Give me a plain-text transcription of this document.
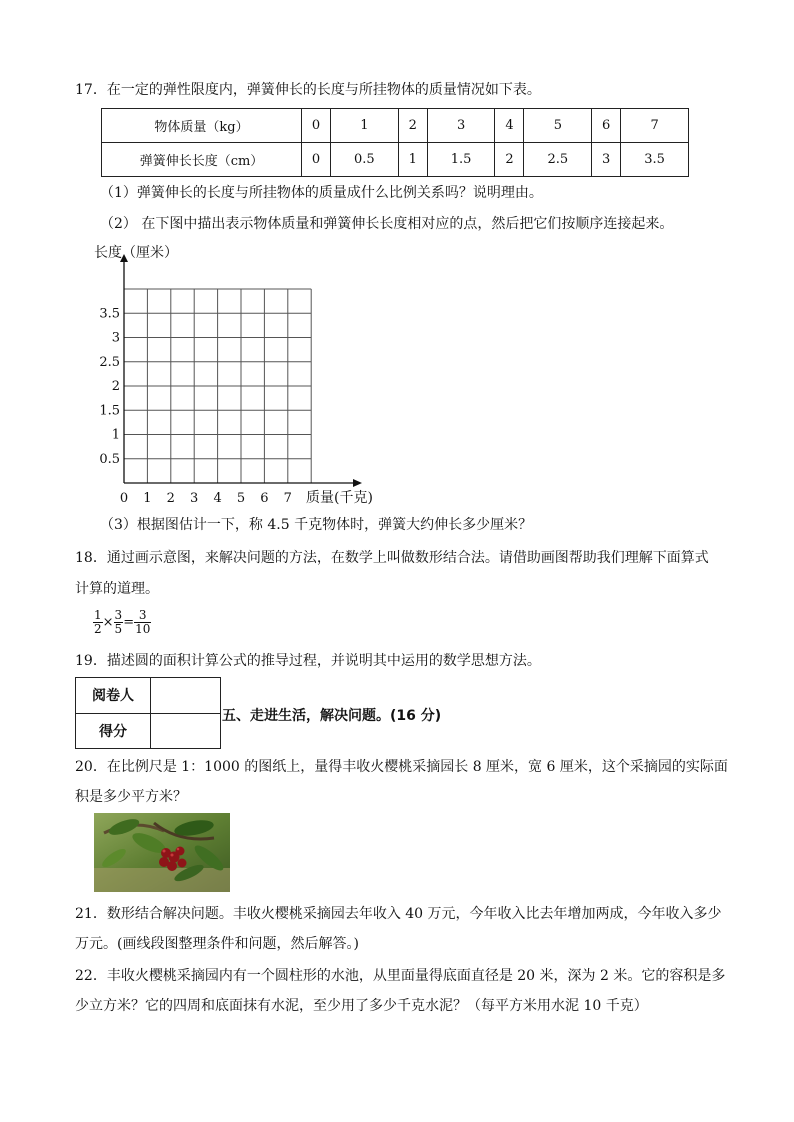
17．在一定的弹性限度内，弹簧伸长的长度与所挂物体的质量情况如下表。
物体质量（kg）	0	1	2	3	4	5	6	7
弹簧伸长长度（cm）	0	0.5	1	1.5	2	2.5	3	3.5
（1）弹簧伸长的长度与所挂物体的质量成什么比例关系吗？说明理由。
（2） 在下图中描出表示物体质量和弹簧伸长长度相对应的点，然后把它们按顺序连接起来。
0.5
1
1.5
2
2.5
3
3.5
0 1 2 3 4 5 6 7
长度（厘米）
质量(千克)
（3）根据图估计一下，称 4.5 千克物体时，弹簧大约伸长多少厘米？
18．通过画示意图，来解决问题的方法，在数学上叫做数形结合法。请借助画图帮助我们理解下面算式
计算的道理。
$\frac{1}{2} \times \frac{3}{5} = \frac{3}{10}$
19．描述圆的面积计算公式的推导过程，并说明其中运用的数学思想方法。
阅卷人	
得分	
五、走进生活，解决问题。(16 分)
20．在比例尺是 1：1000 的图纸上，量得丰收火樱桃采摘园长 8 厘米，宽 6 厘米，这个采摘园的实际面
积是多少平方米？
21．数形结合解决问题。丰收火樱桃采摘园去年收入 40 万元，今年收入比去年增加两成，今年收入多少
万元。(画线段图整理条件和问题，然后解答。)
22．丰收火樱桃采摘园内有一个圆柱形的水池，从里面量得底面直径是 20 米，深为 2 米。它的容积是多
少立方米？它的四周和底面抹有水泥，至少用了多少千克水泥？（每平方米用水泥 10 千克）
